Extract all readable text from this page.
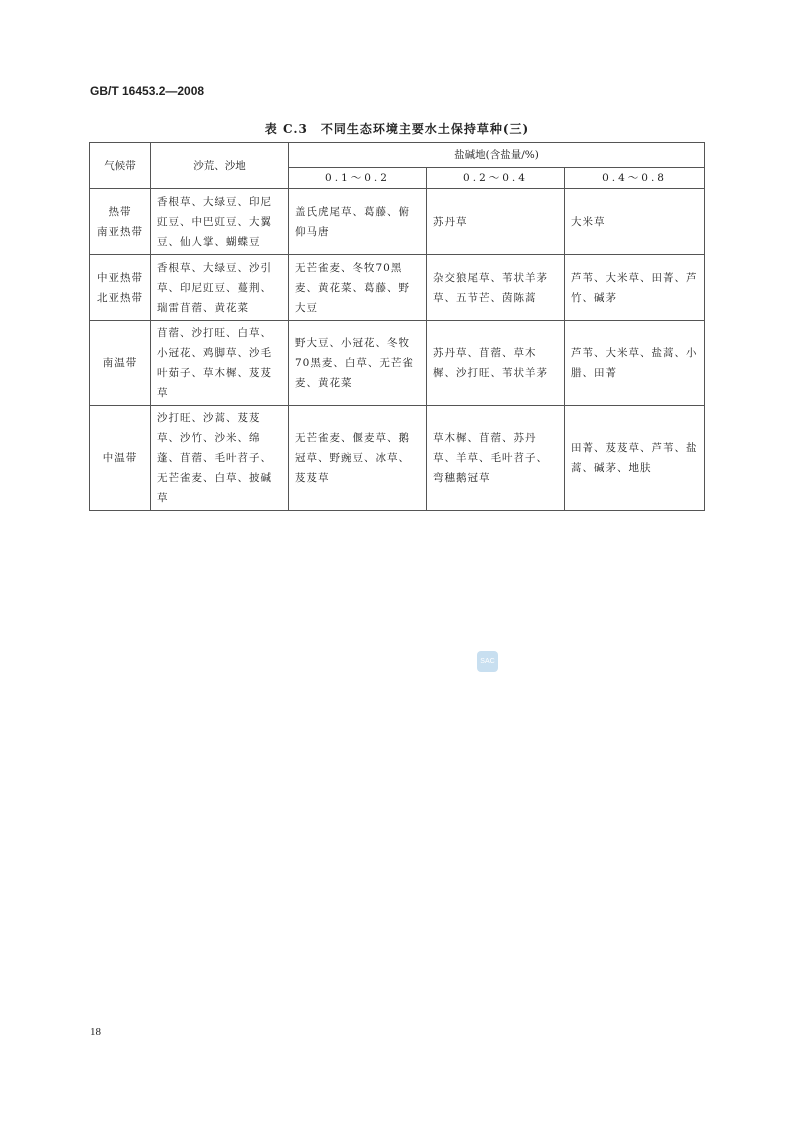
GB/T 16453.2—2008
表 C.3　不同生态环境主要水土保持草种(三)
气候带	沙荒、沙地	盐碱地(含盐量/%)		
		0.1～0.2	0.2～0.4	0.4～0.8

热带
南亚热带	香根草、大绿豆、印尼豇豆、中巴豇豆、大翼豆、仙人掌、蝴蝶豆	盖氏虎尾草、葛藤、俯仰马唐	苏丹草	大米草

中亚热带
北亚热带	香根草、大绿豆、沙引草、印尼豇豆、蔓荆、瑞雷苜蓿、黄花菜	无芒雀麦、冬牧70黑麦、黄花菜、葛藤、野大豆	杂交狼尾草、苇状羊茅草、五节芒、茵陈蒿	芦苇、大米草、田菁、芦竹、碱茅

南温带	苜蓿、沙打旺、白草、小冠花、鸡脚草、沙毛叶茹子、草木樨、芨芨草	野大豆、小冠花、冬牧70黑麦、白草、无芒雀麦、黄花菜	苏丹草、苜蓿、草木樨、沙打旺、苇状羊茅	芦苇、大米草、盐蒿、小腊、田菁

中温带	沙打旺、沙蒿、芨芨草、沙竹、沙米、绵蓬、苜蓿、毛叶苕子、无芒雀麦、白草、披碱草	无芒雀麦、偃麦草、鹅冠草、野豌豆、冰草、芨芨草	草木樨、苜蓿、苏丹草、羊草、毛叶苕子、弯穗鹅冠草	田菁、芨芨草、芦苇、盐蒿、碱茅、地肤
SAC
18
